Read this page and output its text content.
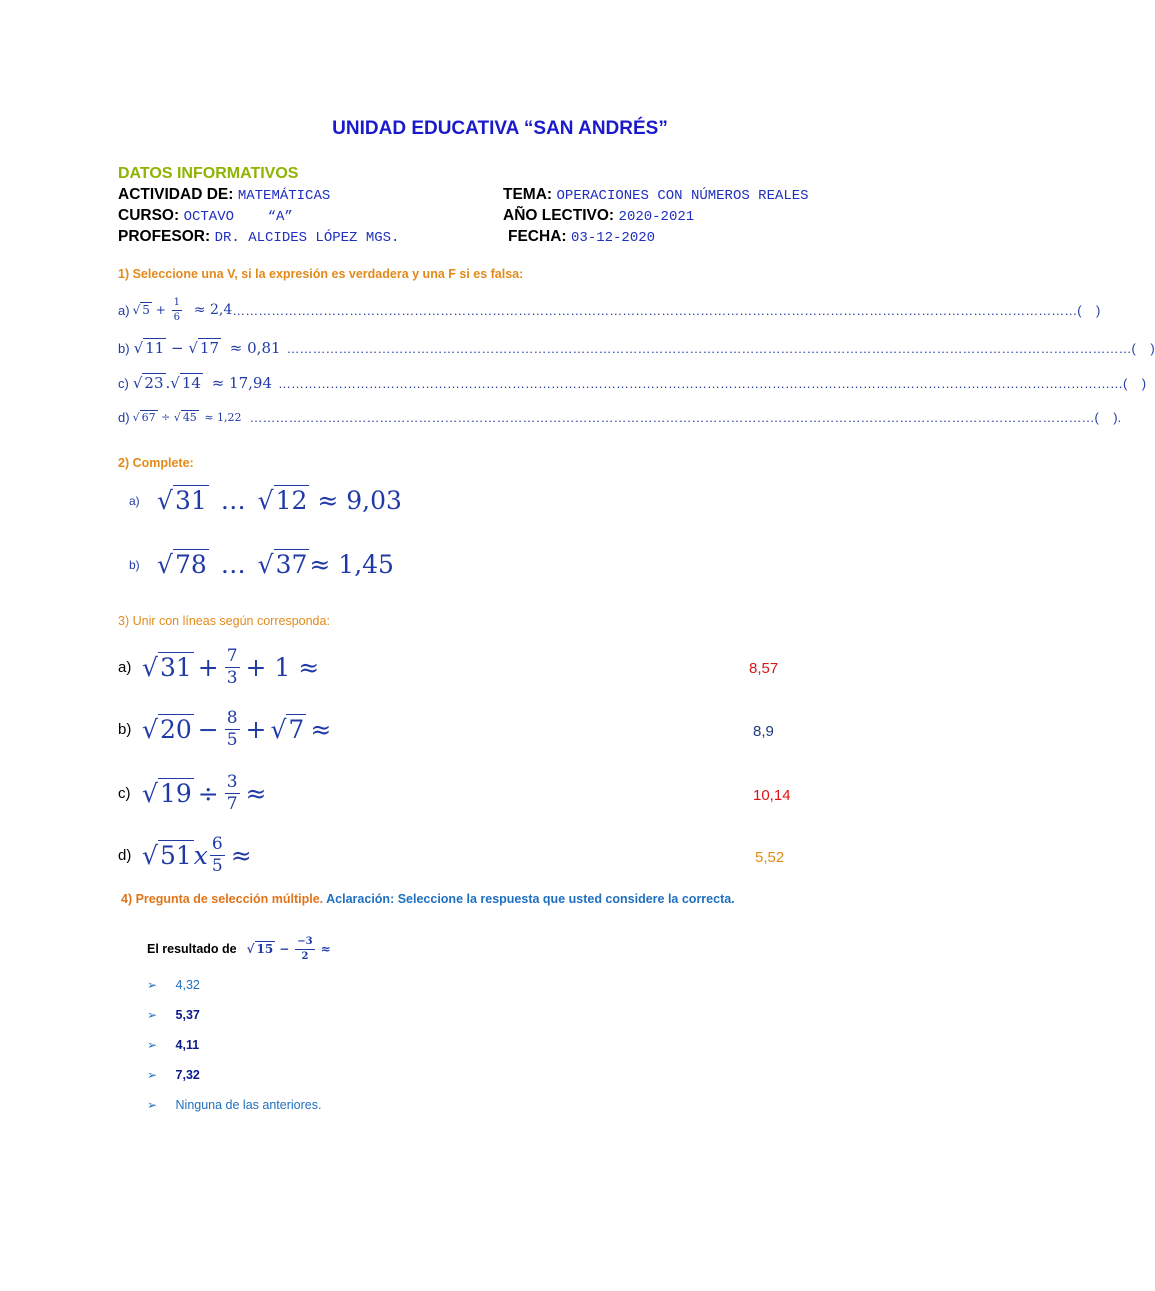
UNIDAD EDUCATIVA “SAN ANDRÉS”
DATOS INFORMATIVOS
ACTIVIDAD DE: MATEMÁTICAS	TEMA: OPERACIONES CON NÚMEROS REALES
CURSO: OCTAVO    “A”	AÑO LECTIVO: 2020-2021
PROFESOR: DR. ALCIDES LÓPEZ MGS.	FECHA: 03-12-2020
1) Seleccione una V, si la expresión es verdadera y una F si es falsa:
a) √ $5 + \frac{1}{6} \approx 2,4$ …………………………………………………………………………………………………………………………………………………………………………… (    )
b) √ 11 − √ 17 ≈ 0,81 …………………………………………………………………………………………………………………………………………………………………………… (    )
c) √ 23 .√ 14 ≈ 17,94 …………………………………………………………………………………………………………………………………………………………………………… (    )
d) √ 67 ÷ √ 45 ≈ 1,22 …………………………………………………………………………………………………………………………………………………………………………… (    ).
2) Complete:
a) √31 … √12 ≈ 9,03
b) √78 … √37≈ 1,45
3) Unir con líneas según corresponda:
a) $√31 + \frac{7}{3} + 1$ ≈	8,57
b) $√20 - \frac{8}{5} + √7$ ≈	8,9
c) $√19 \div \frac{3}{7}$ ≈	10,14
d) √51 x $\frac{6}{5}$ ≈	5,52
4) Pregunta de selección múltiple. Aclaración: Seleccione la respuesta que usted considere la correcta.
El resultado de √ $15 - \frac{-3}{2}$ ≈
➢ 4,32
➢ 5,37
➢ 4,11
➢ 7,32
➢ Ninguna de las anteriores.
